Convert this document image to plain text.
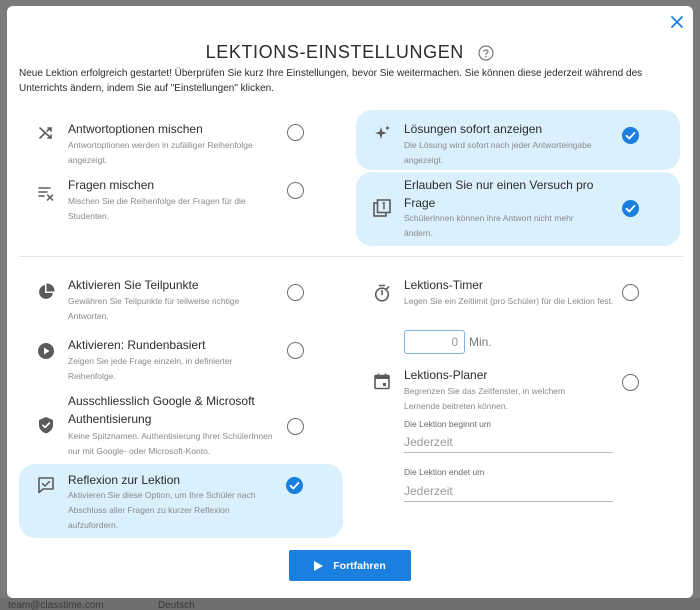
team@classtime.com	Deutsch
LEKTIONS-EINSTELLUNGEN
Neue Lektion erfolgreich gestartet! Überprüfen Sie kurz Ihre Einstellungen, bevor Sie weitermachen. Sie können diese jederzeit während des Unterrichts ändern, indem Sie auf "Einstellungen" klicken.
Antwortoptionen mischen
Antwortoptionen werden in zufälliger Reihenfolge angezeigt.
Lösungen sofort anzeigen
Die Lösung wird sofort nach jeder Antworteingabe angezeigt.
Fragen mischen
Mischen Sie die Reihenfolge der Fragen für die Studenten.
Erlauben Sie nur einen Versuch pro Frage
SchülerInnen können ihre Antwort nicht mehr ändern.
Aktivieren Sie Teilpunkte
Gewähren Sie Teilpunkte für teilweise richtige Antworten.
Lektions-Timer
Legen Sie ein Zeitlimit (pro Schüler) für die Lektion fest.
0 Min.
Aktivieren: Rundenbasiert
Zeigen Sie jede Frage einzeln, in definierter Reihenfolge.	Lektions-Planer
Begrenzen Sie das Zeitfenster, in welchem Lernende beitreten können.
Die Lektion beginnt um
Jederzeit
Die Lektion endet um
Jederzeit
Ausschliesslich Google & Microsoft Authentisierung
Keine Spitznamen. Authentisierung Ihrer SchülerInnen nur mit Google- oder Microsoft-Konto.
Reflexion zur Lektion
Aktivieren Sie diese Option, um Ihre Schüler nach Abschluss aller Fragen zu kurzer Reflexion aufzufordern.
Fortfahren
